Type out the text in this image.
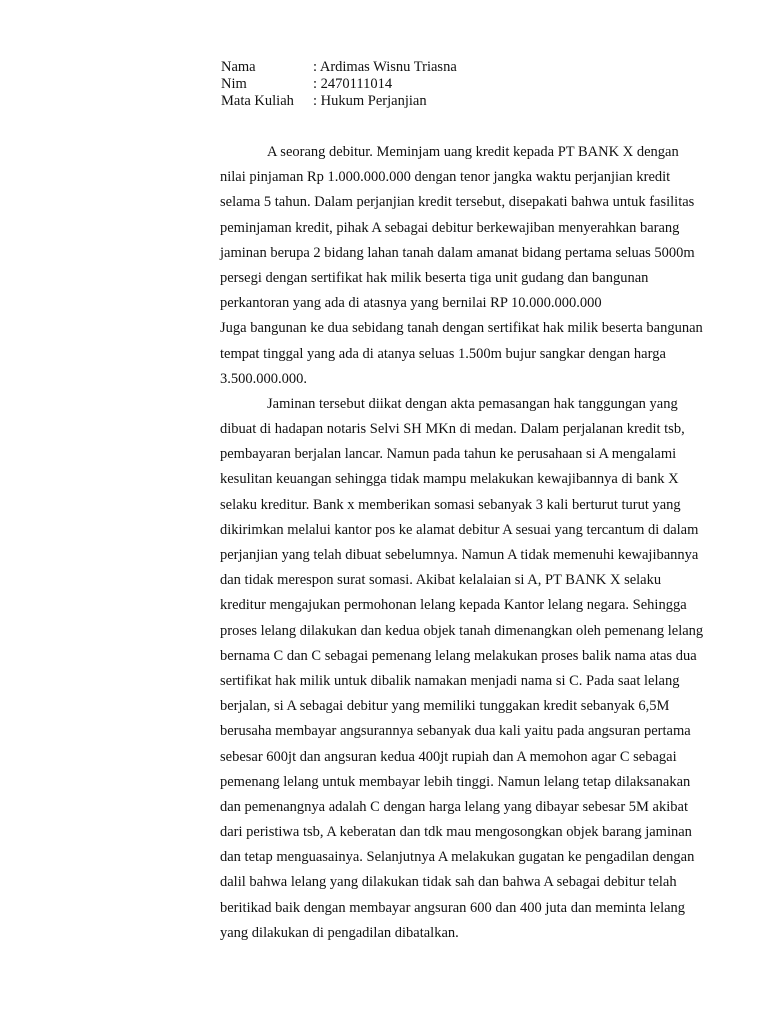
Nama	: Ardimas Wisnu Triasna
Nim	: 2470111014
Mata Kuliah	: Hukum Perjanjian
A seorang debitur. Meminjam uang kredit kepada PT BANK X dengan
nilai pinjaman Rp 1.000.000.000 dengan tenor jangka waktu perjanjian kredit
selama 5 tahun. Dalam perjanjian kredit tersebut, disepakati bahwa untuk fasilitas
peminjaman kredit, pihak A sebagai debitur berkewajiban menyerahkan barang
jaminan berupa 2 bidang lahan tanah dalam amanat bidang pertama seluas 5000m
persegi dengan sertifikat hak milik beserta tiga unit gudang dan bangunan
perkantoran yang ada di atasnya yang bernilai RP 10.000.000.000
Juga bangunan ke dua sebidang tanah dengan sertifikat hak milik beserta bangunan
tempat tinggal yang ada di atanya seluas 1.500m bujur sangkar dengan harga
3.500.000.000.
Jaminan tersebut diikat dengan akta pemasangan hak tanggungan yang
dibuat di hadapan notaris Selvi SH MKn di medan. Dalam perjalanan kredit tsb,
pembayaran berjalan lancar. Namun pada tahun ke perusahaan si A mengalami
kesulitan keuangan sehingga tidak mampu melakukan kewajibannya di bank X
selaku kreditur. Bank x memberikan somasi sebanyak 3 kali berturut turut yang
dikirimkan melalui kantor pos ke alamat debitur A sesuai yang tercantum di dalam
perjanjian yang telah dibuat sebelumnya. Namun A tidak memenuhi kewajibannya
dan tidak merespon surat somasi. Akibat kelalaian si A, PT BANK X selaku
kreditur mengajukan permohonan lelang kepada Kantor lelang negara. Sehingga
proses lelang dilakukan dan kedua objek tanah dimenangkan oleh pemenang lelang
bernama C dan C sebagai pemenang lelang melakukan proses balik nama atas dua
sertifikat hak milik untuk dibalik namakan menjadi nama si C. Pada saat lelang
berjalan, si A sebagai debitur yang memiliki tunggakan kredit sebanyak 6,5M
berusaha membayar angsurannya sebanyak dua kali yaitu pada angsuran pertama
sebesar 600jt dan angsuran kedua 400jt rupiah dan A memohon agar C sebagai
pemenang lelang untuk membayar lebih tinggi. Namun lelang tetap dilaksanakan
dan pemenangnya adalah C dengan harga lelang yang dibayar sebesar 5M akibat
dari peristiwa tsb, A keberatan dan tdk mau mengosongkan objek barang jaminan
dan tetap menguasainya. Selanjutnya A melakukan gugatan ke pengadilan dengan
dalil bahwa lelang yang dilakukan tidak sah dan bahwa A sebagai debitur telah
beritikad baik dengan membayar angsuran 600 dan 400 juta dan meminta lelang
yang dilakukan di pengadilan dibatalkan.
